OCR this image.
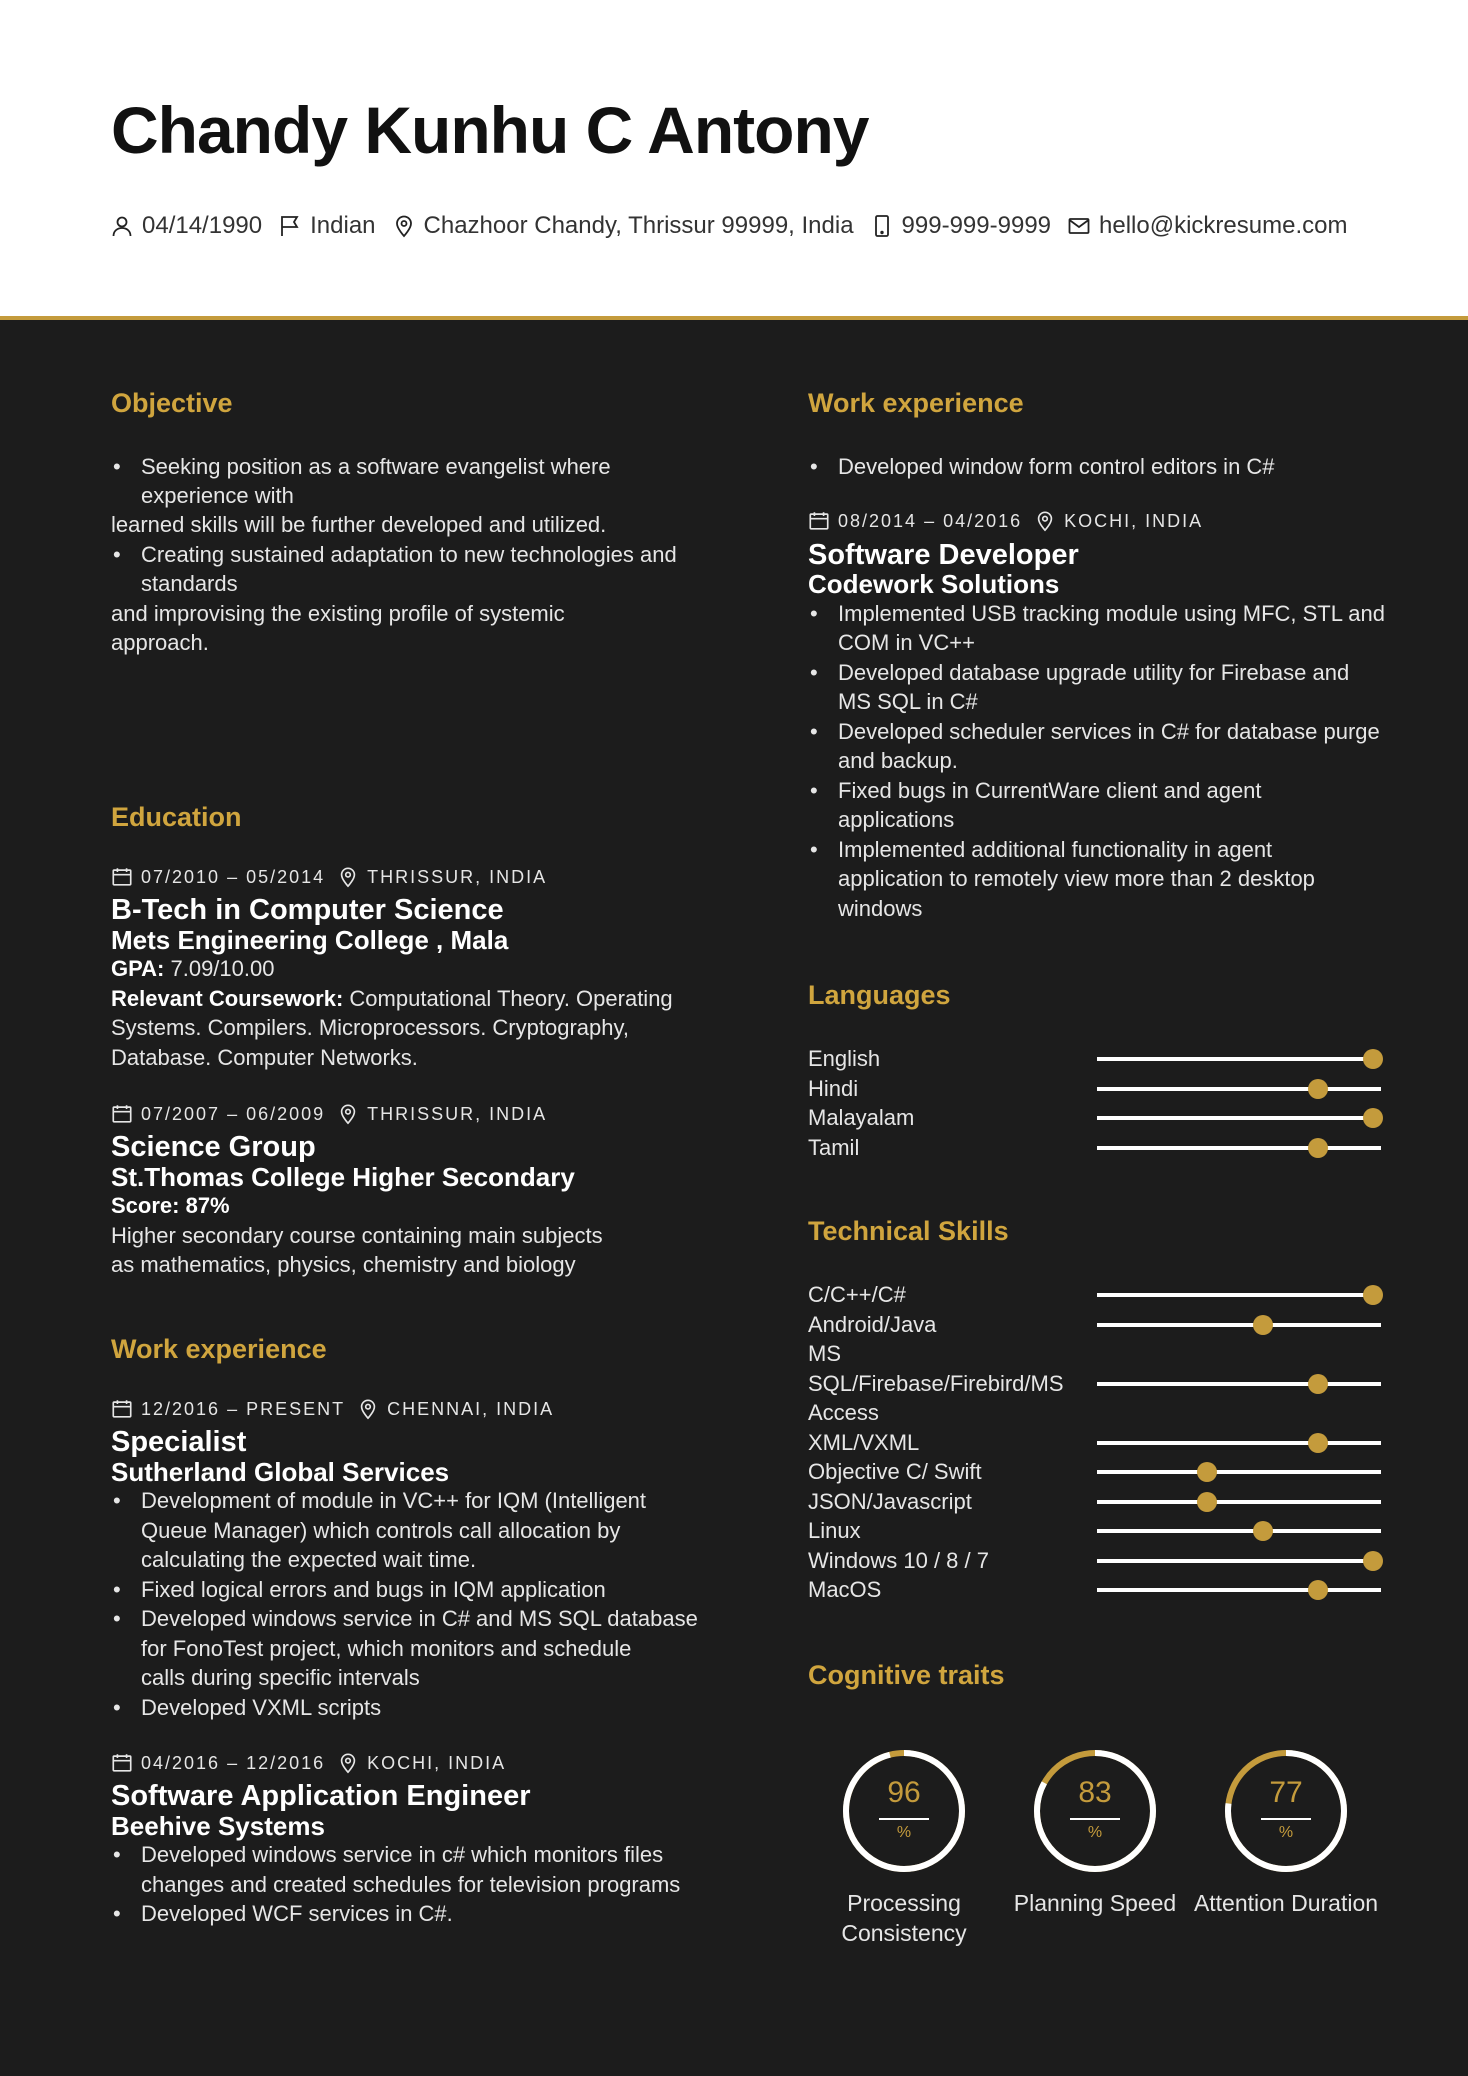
Chandy Kunhu C Antony
04/14/1990 Indian Chazhoor Chandy, Thrissur 99999, India 999-999-9999 hello@kickresume.com
Objective
• Seeking position as a software evangelist where
experience with
learned skills will be further developed and utilized.
• Creating sustained adaptation to new technologies and
standards
and improvising the existing profile of systemic
approach.
Education
07/2010 – 05/2014 THRISSUR, INDIA
B-Tech in Computer Science
Mets Engineering College , Mala
GPA: 7.09/10.00
Relevant Coursework: Computational Theory. Operating
Systems. Compilers. Microprocessors. Cryptography,
Database. Computer Networks.
07/2007 – 06/2009 THRISSUR, INDIA
Science Group
St.Thomas College Higher Secondary
Score: 87%
Higher secondary course containing main subjects
as mathematics, physics, chemistry and biology
Work experience
12/2016 – PRESENT CHENNAI, INDIA
Specialist
Sutherland Global Services
• Development of module in VC++ for IQM (Intelligent
Queue Manager) which controls call allocation by
calculating the expected wait time.
• Fixed logical errors and bugs in IQM application
• Developed windows service in C# and MS SQL database
for FonoTest project, which monitors and schedule
calls during specific intervals
• Developed VXML scripts
04/2016 – 12/2016 KOCHI, INDIA
Software Application Engineer
Beehive Systems
• Developed windows service in c# which monitors files
changes and created schedules for television programs
• Developed WCF services in C#.
Work experience
• Developed window form control editors in C#
08/2014 – 04/2016 KOCHI, INDIA
Software Developer
Codework Solutions
• Implemented USB tracking module using MFC, STL and
COM in VC++
• Developed database upgrade utility for Firebase and
MS SQL in C#
• Developed scheduler services in C# for database purge
and backup.
• Fixed bugs in CurrentWare client and agent
applications
• Implemented additional functionality in agent
application to remotely view more than 2 desktop
windows
Languages
English
Hindi
Malayalam
Tamil
Technical Skills
C/C++/C#
Android/Java
MS
SQL/Firebase/Firebird/MS
Access
XML/VXML
Objective C/ Swift
JSON/Javascript
Linux
Windows 10 / 8 / 7
MacOS
Cognitive traits
96
%
Processing Consistency
83
%
Planning Speed
77
%
Attention Duration
